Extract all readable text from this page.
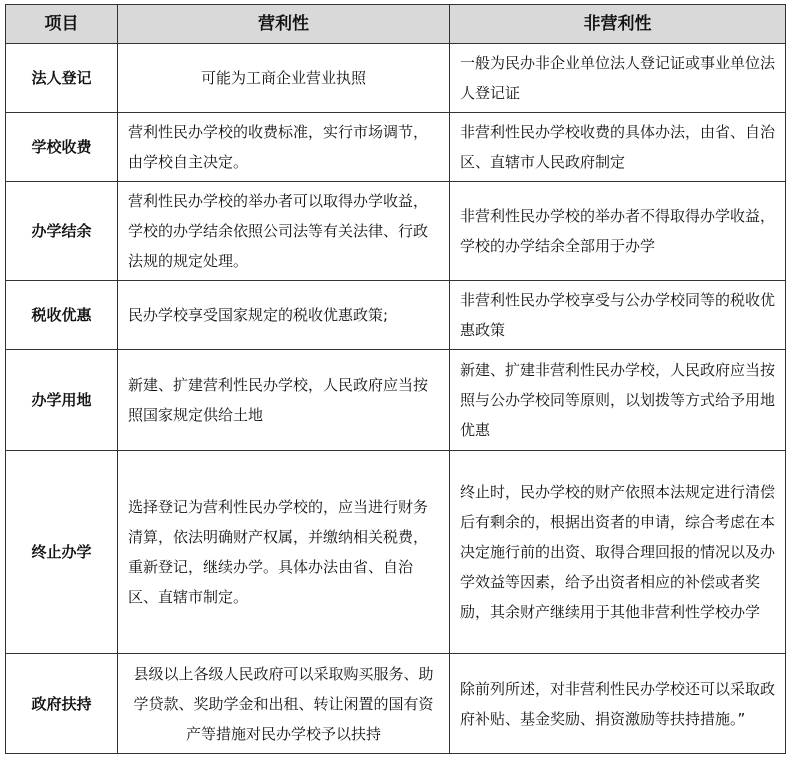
项目	营利性	非营利性
法人登记	可能为工商企业营业执照	一般为民办非企业单位法人登记证或事业单位法人登记证
学校收费	营利性民办学校的收费标准，实行市场调节，由学校自主决定。	非营利性民办学校收费的具体办法，由省、自治区、直辖市人民政府制定
办学结余	营利性民办学校的举办者可以取得办学收益，学校的办学结余依照公司法等有关法律、行政法规的规定处理。	非营利性民办学校的举办者不得取得办学收益，学校的办学结余全部用于办学
税收优惠	民办学校享受国家规定的税收优惠政策;	非营利性民办学校享受与公办学校同等的税收优惠政策
办学用地	新建、扩建营利性民办学校，人民政府应当按照国家规定供给土地	新建、扩建非营利性民办学校，人民政府应当按照与公办学校同等原则，以划拨等方式给予用地优惠
终止办学	选择登记为营利性民办学校的，应当进行财务清算，依法明确财产权属，并缴纳相关税费，重新登记，继续办学。具体办法由省、自治区、直辖市制定。	终止时，民办学校的财产依照本法规定进行清偿后有剩余的，根据出资者的申请，综合考虑在本决定施行前的出资、取得合理回报的情况以及办学效益等因素，给予出资者相应的补偿或者奖励，其余财产继续用于其他非营利性学校办学
政府扶持	县级以上各级人民政府可以采取购买服务、助学贷款、奖助学金和出租、转让闲置的国有资产等措施对民办学校予以扶持	除前列所述，对非营利性民办学校还可以采取政府补贴、基金奖励、捐资激励等扶持措施。”
